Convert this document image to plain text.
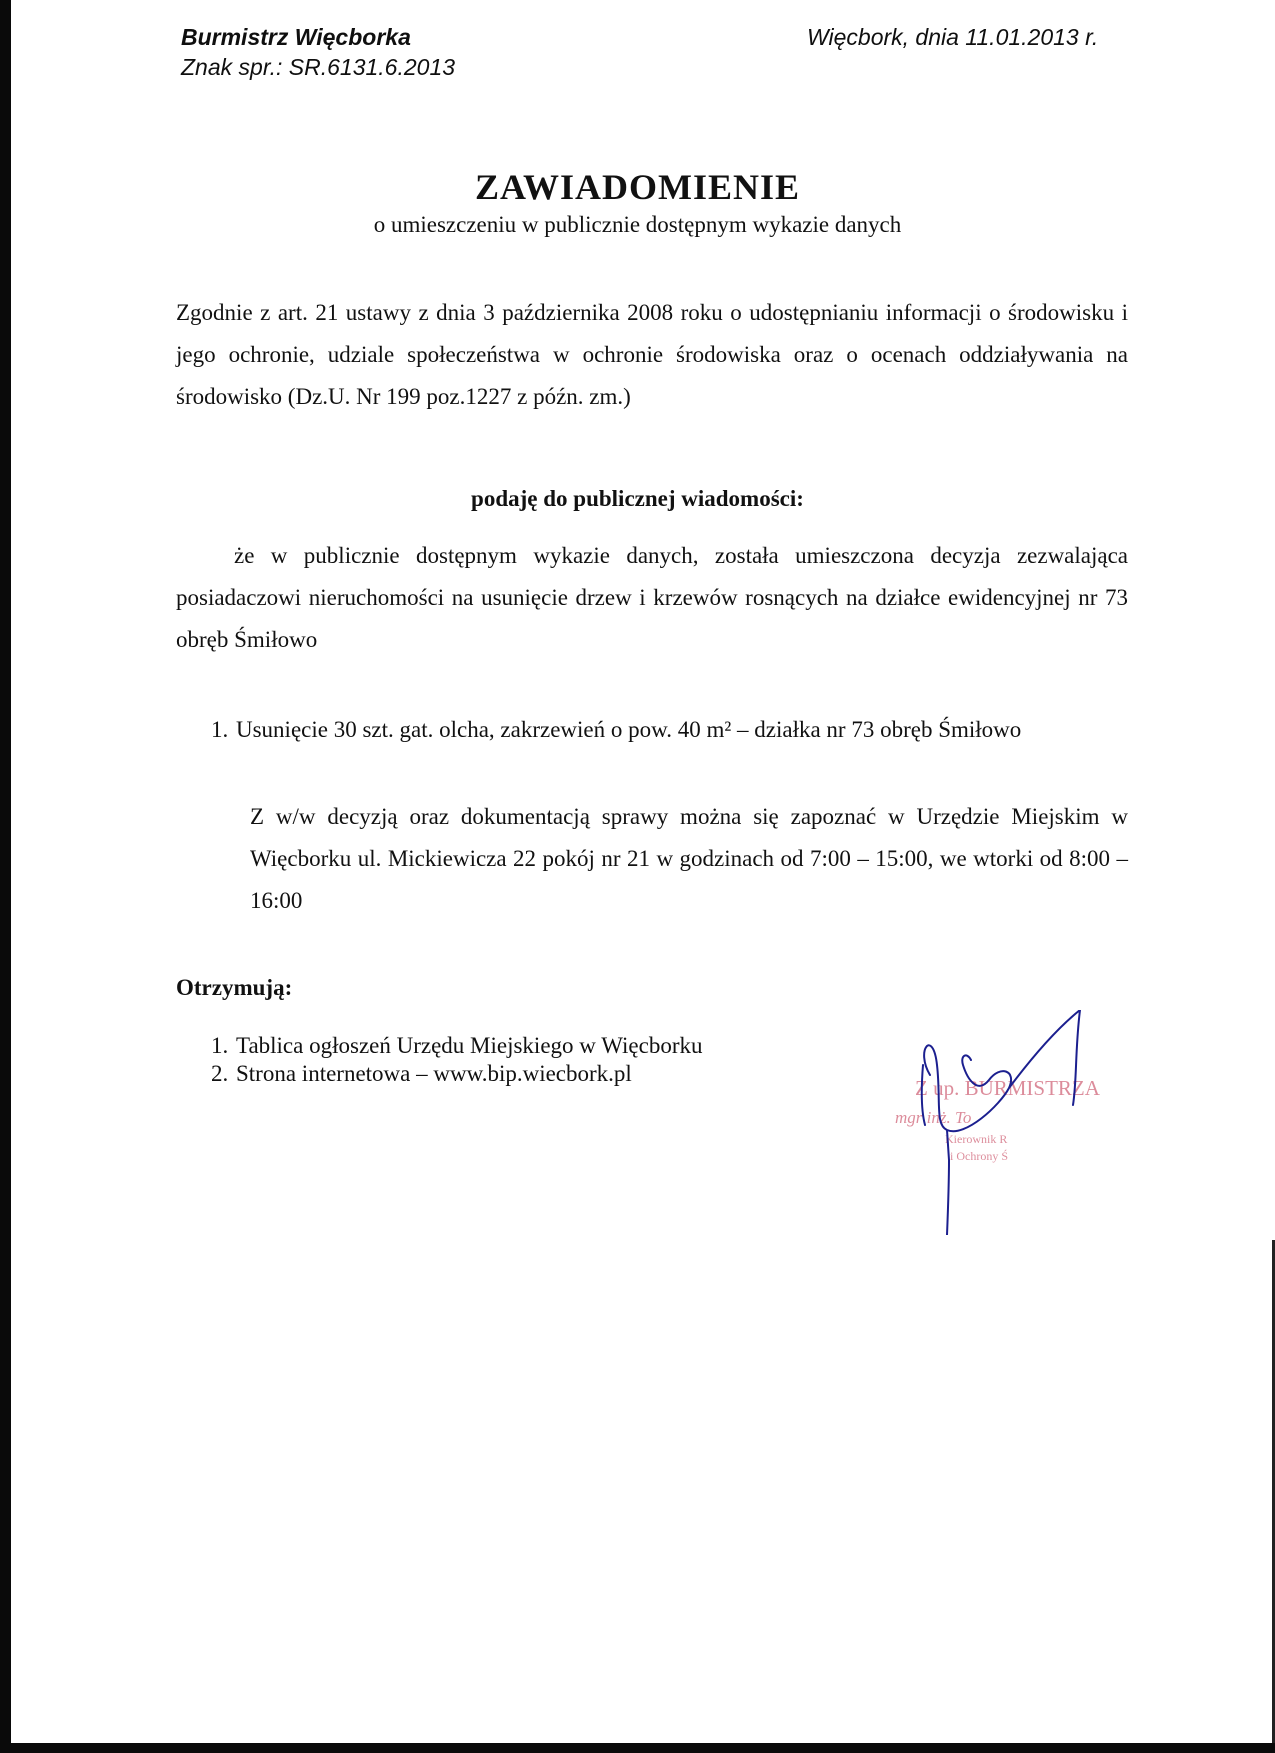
Burmistrz Więcborka
Znak spr.: SR.6131.6.2013
Więcbork, dnia 11.01.2013 r.
ZAWIADOMIENIE
o umieszczeniu w publicznie dostępnym wykazie danych
Zgodnie z art. 21 ustawy z dnia 3 października 2008 roku o udostępnianiu informacji o środowisku i jego ochronie, udziale społeczeństwa w ochronie środowiska oraz o ocenach oddziaływania na środowisko (Dz.U. Nr 199 poz.1227 z późn. zm.)
podaję do publicznej wiadomości:
że w publicznie dostępnym wykazie danych, została umieszczona decyzja zezwalająca posiadaczowi nieruchomości na usunięcie drzew i krzewów rosnących na działce ewidencyjnej nr 73 obręb Śmiłowo
1. Usunięcie 30 szt. gat. olcha, zakrzewień o pow. 40 m² – działka nr 73 obręb Śmiłowo
Z w/w decyzją oraz dokumentacją sprawy można się zapoznać w Urzędzie Miejskim w Więcborku ul. Mickiewicza 22 pokój nr 21 w godzinach od 7:00 – 15:00, we wtorki od 8:00 – 16:00
Otrzymują:
1. Tablica ogłoszeń Urzędu Miejskiego w Więcborku
2. Strona internetowa – www.bip.wiecbork.pl
Z up. BURMISTRZA
mgr inż. To
Kierownik R
i Ochrony Ś
